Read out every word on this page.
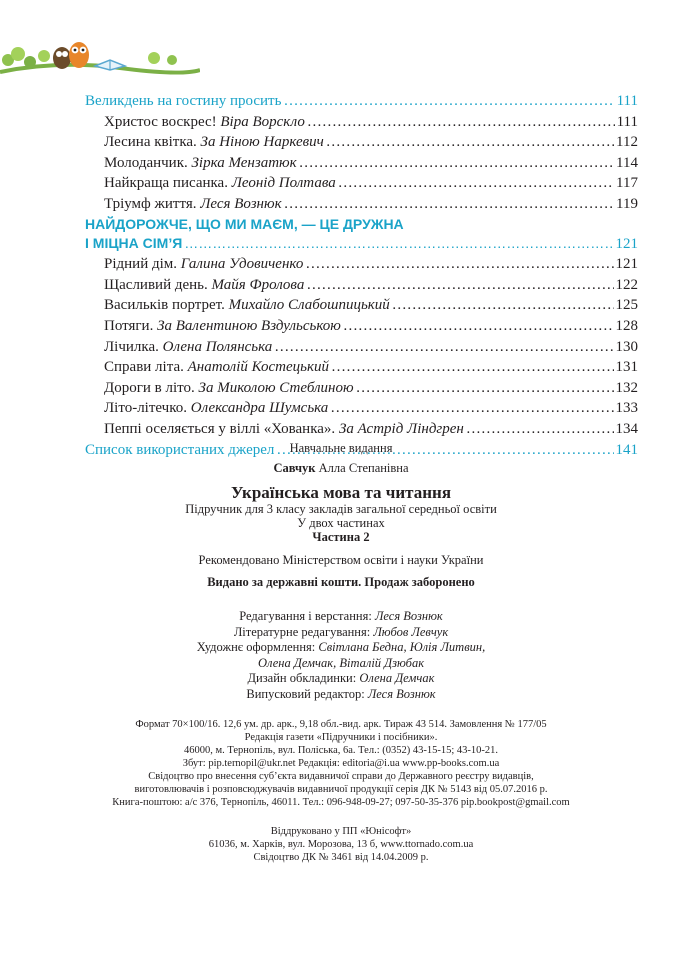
Великдень на гостину просить ……………………………………………………………………………………………………………………………………………………	111
Христос воскрес! Віра Ворскло ……………………………………………………………………………………………………………………………………………………	111
Лесина квітка. За Ніною Наркевич ……………………………………………………………………………………………………………………………………………………	112
Молоданчик. Зірка Мензатюк ……………………………………………………………………………………………………………………………………………………	114
Найкраща писанка. Леонід Полтава ……………………………………………………………………………………………………………………………………………………	117
Тріумф життя. Леся Вознюк ……………………………………………………………………………………………………………………………………………………	119
НАЙДОРОЖЧЕ, ЩО МИ МАЄМ, — ЦЕ ДРУЖНА
І МІЦНА СІМ’Я ……………………………………………………………………………………………………………………………………………………	121
Рідний дім. Галина Удовиченко ……………………………………………………………………………………………………………………………………………………	121
Щасливий день. Майя Фролова ……………………………………………………………………………………………………………………………………………………	122
Васильків портрет. Михайло Слабошпицький ……………………………………………………………………………………………………………………………………………………	125
Потяги. За Валентиною Вздульською ……………………………………………………………………………………………………………………………………………………	128
Лічилка. Олена Полянська ……………………………………………………………………………………………………………………………………………………	130
Справи літа. Анатолій Костецький ……………………………………………………………………………………………………………………………………………………	131
Дороги в літо. За Миколою Стеблиною ……………………………………………………………………………………………………………………………………………………	132
Літо-літечко. Олександра Шумська ……………………………………………………………………………………………………………………………………………………	133
Пеппі оселяється у віллі «Хованка». За Астрід Ліндгрен ……………………………………………………………………………………………………………………………………………………	134
Список використаних джерел ……………………………………………………………………………………………………………………………………………………	141
Навчальне видання
Савчук Алла Степанівна
Українська мова та читання
Підручник для 3 класу закладів загальної середньої освіти
У двох частинах
Частина 2
Рекомендовано Міністерством освіти і науки України
Видано за державні кошти. Продаж заборонено
Редагування і верстання: Леся Вознюк
Літературне редагування: Любов Левчук
Художнє оформлення: Світлана Бедна, Юлія Литвин,
Олена Демчак, Віталій Дзюбак
Дизайн обкладинки: Олена Демчак
Випусковий редактор: Леся Вознюк
Формат 70×100/16. 12,6 ум. др. арк., 9,18 обл.-вид. арк. Тираж 43 514. Замовлення № 177/05
Редакція газети «Підручники і посібники».
46000, м. Тернопіль, вул. Поліська, 6а. Тел.: (0352) 43-15-15; 43-10-21.
Збут: pip.ternopil@ukr.net Редакція: editoria@i.ua www.pp-books.com.ua
Свідоцтво про внесення суб’єкта видавничої справи до Державного реєстру видавців,
виготовлювачів і розповсюджувачів видавничої продукції серія ДК № 5143 від 05.07.2016 р.
Книга-поштою: а/с 376, Тернопіль, 46011. Тел.: 096-948-09-27; 097-50-35-376 pip.bookpost@gmail.com
Віддруковано у ПП «Юнісофт»
61036, м. Харків, вул. Морозова, 13 б, www.ttornado.com.ua
Свідоцтво ДК № 3461 від 14.04.2009 р.
